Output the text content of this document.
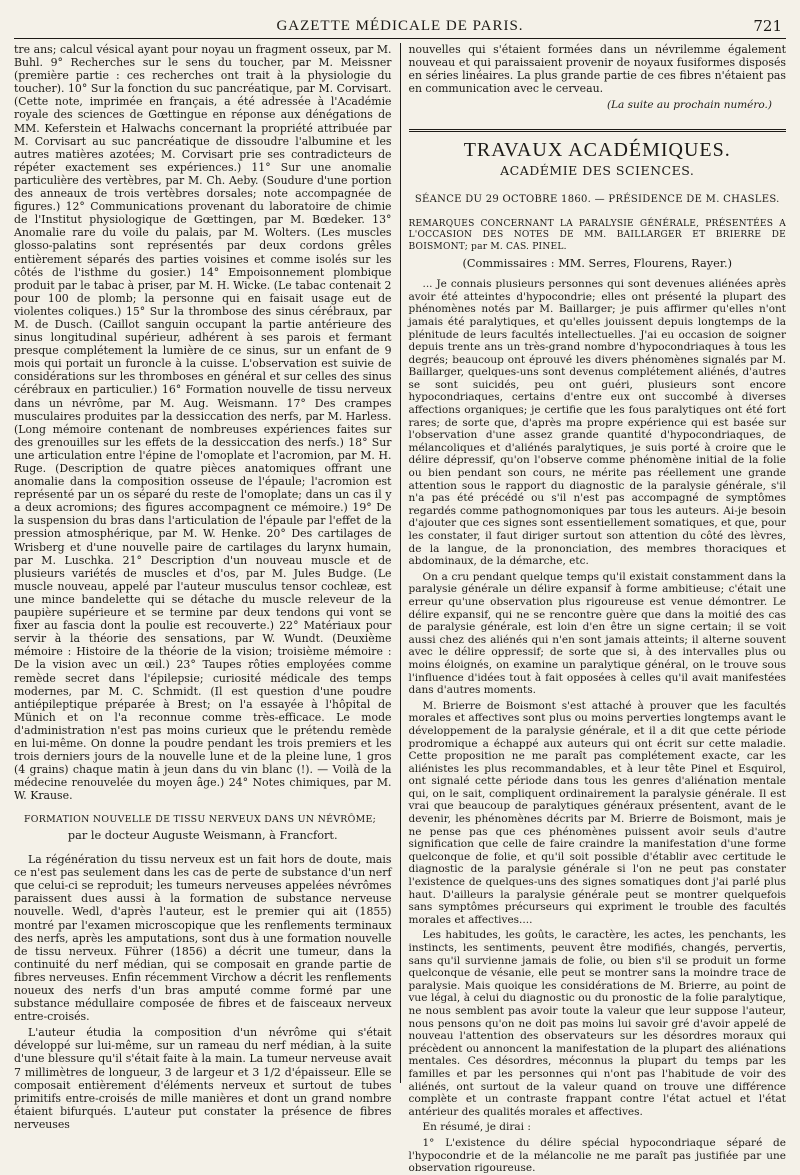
GAZETTE MÉDICALE DE PARIS.	721

tre ans; calcul vésical ayant pour noyau un fragment osseux, par M. Buhl. 9° Recherches sur le sens du toucher, par M. Meissner (première partie : ces recherches ont trait à la physiologie du toucher). 10° Sur la fonction du suc pancréatique, par M. Corvisart. (Cette note, imprimée en français, a été adressée à l'Académie royale des sciences de Gœttingue en réponse aux dénégations de MM. Keferstein et Halwachs concernant la propriété attribuée par M. Corvisart au suc pancréatique de dissoudre l'albumine et les autres matières azotées; M. Corvisart prie ses contradicteurs de répéter exactement ses expériences.) 11° Sur une anomalie particulière des vertèbres, par M. Ch. Aeby. (Soudure d'une portion des anneaux de trois vertèbres dorsales; note accompagnée de figures.) 12° Communications provenant du laboratoire de chimie de l'Institut physiologique de Gœttingen, par M. Bœdeker. 13° Anomalie rare du voile du palais, par M. Wolters. (Les muscles glosso-palatins sont représentés par deux cordons grêles entièrement séparés des parties voisines et comme isolés sur les côtés de l'isthme du gosier.) 14° Empoisonnement plombique produit par le tabac à priser, par M. H. Wicke. (Le tabac contenait 2 pour 100 de plomb; la personne qui en faisait usage eut de violentes coliques.) 15° Sur la thrombose des sinus cérébraux, par M. de Dusch. (Caillot sanguin occupant la partie antérieure des sinus longitudinal supérieur, adhérent à ses parois et fermant presque complétement la lumière de ce sinus, sur un enfant de 9 mois qui portait un furoncle à la cuisse. L'observation est suivie de considérations sur les thromboses en général et sur celles des sinus cérébraux en particulier.) 16° Formation nouvelle de tissu nerveux dans un névrôme, par M. Aug. Weismann. 17° Des crampes musculaires produites par la dessiccation des nerfs, par M. Harless. (Long mémoire contenant de nombreuses expériences faites sur des grenouilles sur les effets de la dessiccation des nerfs.) 18° Sur une articulation entre l'épine de l'omoplate et l'acromion, par M. H. Ruge. (Description de quatre pièces anatomiques offrant une anomalie dans la composition osseuse de l'épaule; l'acromion est représenté par un os séparé du reste de l'omoplate; dans un cas il y a deux acromions; des figures accompagnent ce mémoire.) 19° De la suspension du bras dans l'articulation de l'épaule par l'effet de la pression atmosphérique, par M. W. Henke. 20° Des cartilages de Wrisberg et d'une nouvelle paire de cartilages du larynx humain, par M. Luschka. 21° Description d'un nouveau muscle et de plusieurs variétés de muscles et d'os, par M. Jules Budge. (Le muscle nouveau, appelé par l'auteur musculus tensor cochleæ, est une mince bandelette qui se détache du muscle releveur de la paupière supérieure et se termine par deux tendons qui vont se fixer au fascia dont la poulie est recouverte.) 22° Matériaux pour servir à la théorie des sensations, par W. Wundt. (Deuxième mémoire : Histoire de la théorie de la vision; troisième mémoire : De la vision avec un œil.) 23° Taupes rôties employées comme remède secret dans l'épilepsie; curiosité médicale des temps modernes, par M. C. Schmidt. (Il est question d'une poudre antiépileptique préparée à Brest; on l'a essayée à l'hôpital de Münich et on l'a reconnue comme très-efficace. Le mode d'administration n'est pas moins curieux que le prétendu remède en lui-même. On donne la poudre pendant les trois premiers et les trois derniers jours de la nouvelle lune et de la pleine lune, 1 gros (4 grains) chaque matin à jeun dans du vin blanc (!). — Voilà de la médecine renouvelée du moyen âge.) 24° Notes chimiques, par M. W. Krause.

FORMATION NOUVELLE DE TISSU NERVEUX DANS UN NÉVRÔME;
par le docteur Auguste Weismann, à Francfort.

La régénération du tissu nerveux est un fait hors de doute, mais ce n'est pas seulement dans les cas de perte de substance d'un nerf que celui-ci se reproduit; les tumeurs nerveuses appelées névrômes paraissent dues aussi à la formation de substance nerveuse nouvelle. Wedl, d'après l'auteur, est le premier qui ait (1855) montré par l'examen microscopique que les renflements terminaux des nerfs, après les amputations, sont dus à une formation nouvelle de tissu nerveux. Führer (1856) a décrit une tumeur, dans la continuité du nerf médian, qui se composait en grande partie de fibres nerveuses. Enfin récemment Virchow a décrit les renflements noueux des nerfs d'un bras amputé comme formé par une substance médullaire composée de fibres et de faisceaux nerveux entre-croisés.

L'auteur étudia la composition d'un névrôme qui s'était développé sur lui-même, sur un rameau du nerf médian, à la suite d'une blessure qu'il s'était faite à la main. La tumeur nerveuse avait 7 millimètres de longueur, 3 de largeur et 3 1/2 d'épaisseur. Elle se composait entièrement d'éléments nerveux et surtout de tubes primitifs entre-croisés de mille manières et dont un grand nombre étaient bifurqués. L'auteur put constater la présence de fibres nerveuses

nouvelles qui s'étaient formées dans un névrilemme également nouveau et qui paraissaient provenir de noyaux fusiformes disposés en séries linéaires. La plus grande partie de ces fibres n'étaient pas en communication avec le cerveau.

(La suite au prochain numéro.)
TRAVAUX ACADÉMIQUES.
ACADÉMIE DES SCIENCES.
SÉANCE DU 29 OCTOBRE 1860. — PRÉSIDENCE DE M. CHASLES.
REMARQUES CONCERNANT LA PARALYSIE GÉNÉRALE, PRÉSENTÉES A L'OCCASION DES NOTES DE MM. BAILLARGER ET BRIERRE DE BOISMONT; par M. CAS. PINEL.
(Commissaires : MM. Serres, Flourens, Rayer.)

... Je connais plusieurs personnes qui sont devenues aliénées après avoir été atteintes d'hypocondrie; elles ont présenté la plupart des phénomènes notés par M. Baillarger; je puis affirmer qu'elles n'ont jamais été paralytiques, et qu'elles jouissent depuis longtemps de la plénitude de leurs facultés intellectuelles. J'ai eu occasion de soigner depuis trente ans un très-grand nombre d'hypocondriaques à tous les degrés; beaucoup ont éprouvé les divers phénomènes signalés par M. Baillarger, quelques-uns sont devenus complétement aliénés, d'autres se sont suicidés, peu ont guéri, plusieurs sont encore hypocondriaques, certains d'entre eux ont succombé à diverses affections organiques; je certifie que les fous paralytiques ont été fort rares; de sorte que, d'après ma propre expérience qui est basée sur l'observation d'une assez grande quantité d'hypocondriaques, de mélancoliques et d'aliénés paralytiques, je suis porté à croire que le délire dépressif, qu'on l'observe comme phénomène initial de la folie ou bien pendant son cours, ne mérite pas réellement une grande attention sous le rapport du diagnostic de la paralysie générale, s'il n'a pas été précédé ou s'il n'est pas accompagné de symptômes regardés comme pathognomoniques par tous les auteurs. Ai-je besoin d'ajouter que ces signes sont essentiellement somatiques, et que, pour les constater, il faut diriger surtout son attention du côté des lèvres, de la langue, de la prononciation, des membres thoraciques et abdominaux, de la démarche, etc.

On a cru pendant quelque temps qu'il existait constamment dans la paralysie générale un délire expansif à forme ambitieuse; c'était une erreur qu'une observation plus rigoureuse est venue démontrer. Le délire expansif, qui ne se rencontre guère que dans la moitié des cas de paralysie générale, est loin d'en être un signe certain; il se voit aussi chez des aliénés qui n'en sont jamais atteints; il alterne souvent avec le délire oppressif; de sorte que si, à des intervalles plus ou moins éloignés, on examine un paralytique général, on le trouve sous l'influence d'idées tout à fait opposées à celles qu'il avait manifestées dans d'autres moments.

M. Brierre de Boismont s'est attaché à prouver que les facultés morales et affectives sont plus ou moins perverties longtemps avant le développement de la paralysie générale, et il a dit que cette période prodromique a échappé aux auteurs qui ont écrit sur cette maladie. Cette proposition ne me paraît pas complétement exacte, car les aliénistes les plus recommandables, et à leur tête Pinel et Esquirol, ont signalé cette période dans tous les genres d'aliénation mentale qui, on le sait, compliquent ordinairement la paralysie générale. Il est vrai que beaucoup de paralytiques généraux présentent, avant de le devenir, les phénomènes décrits par M. Brierre de Boismont, mais je ne pense pas que ces phénomènes puissent avoir seuls d'autre signification que celle de faire craindre la manifestation d'une forme quelconque de folie, et qu'il soit possible d'établir avec certitude le diagnostic de la paralysie générale si l'on ne peut pas constater l'existence de quelques-uns des signes somatiques dont j'ai parlé plus haut. D'ailleurs la paralysie générale peut se montrer quelquefois sans symptômes précurseurs qui expriment le trouble des facultés morales et affectives....

Les habitudes, les goûts, le caractère, les actes, les penchants, les instincts, les sentiments, peuvent être modifiés, changés, pervertis, sans qu'il survienne jamais de folie, ou bien s'il se produit un forme quelconque de vésanie, elle peut se montrer sans la moindre trace de paralysie. Mais quoique les considérations de M. Brierre, au point de vue légal, à celui du diagnostic ou du pronostic de la folie paralytique, ne nous semblent pas avoir toute la valeur que leur suppose l'auteur, nous pensons qu'on ne doit pas moins lui savoir gré d'avoir appelé de nouveau l'attention des observateurs sur les désordres moraux qui précèdent ou annoncent la manifestation de la plupart des aliénations mentales. Ces désordres, méconnus la plupart du temps par les familles et par les personnes qui n'ont pas l'habitude de voir des aliénés, ont surtout de la valeur quand on trouve une différence complète et un contraste frappant contre l'état actuel et l'état antérieur des qualités morales et affectives.

En résumé, je dirai :

1° L'existence du délire spécial hypocondriaque séparé de l'hypocondrie et de la mélancolie ne me paraît pas justifiée par une observation rigoureuse.
